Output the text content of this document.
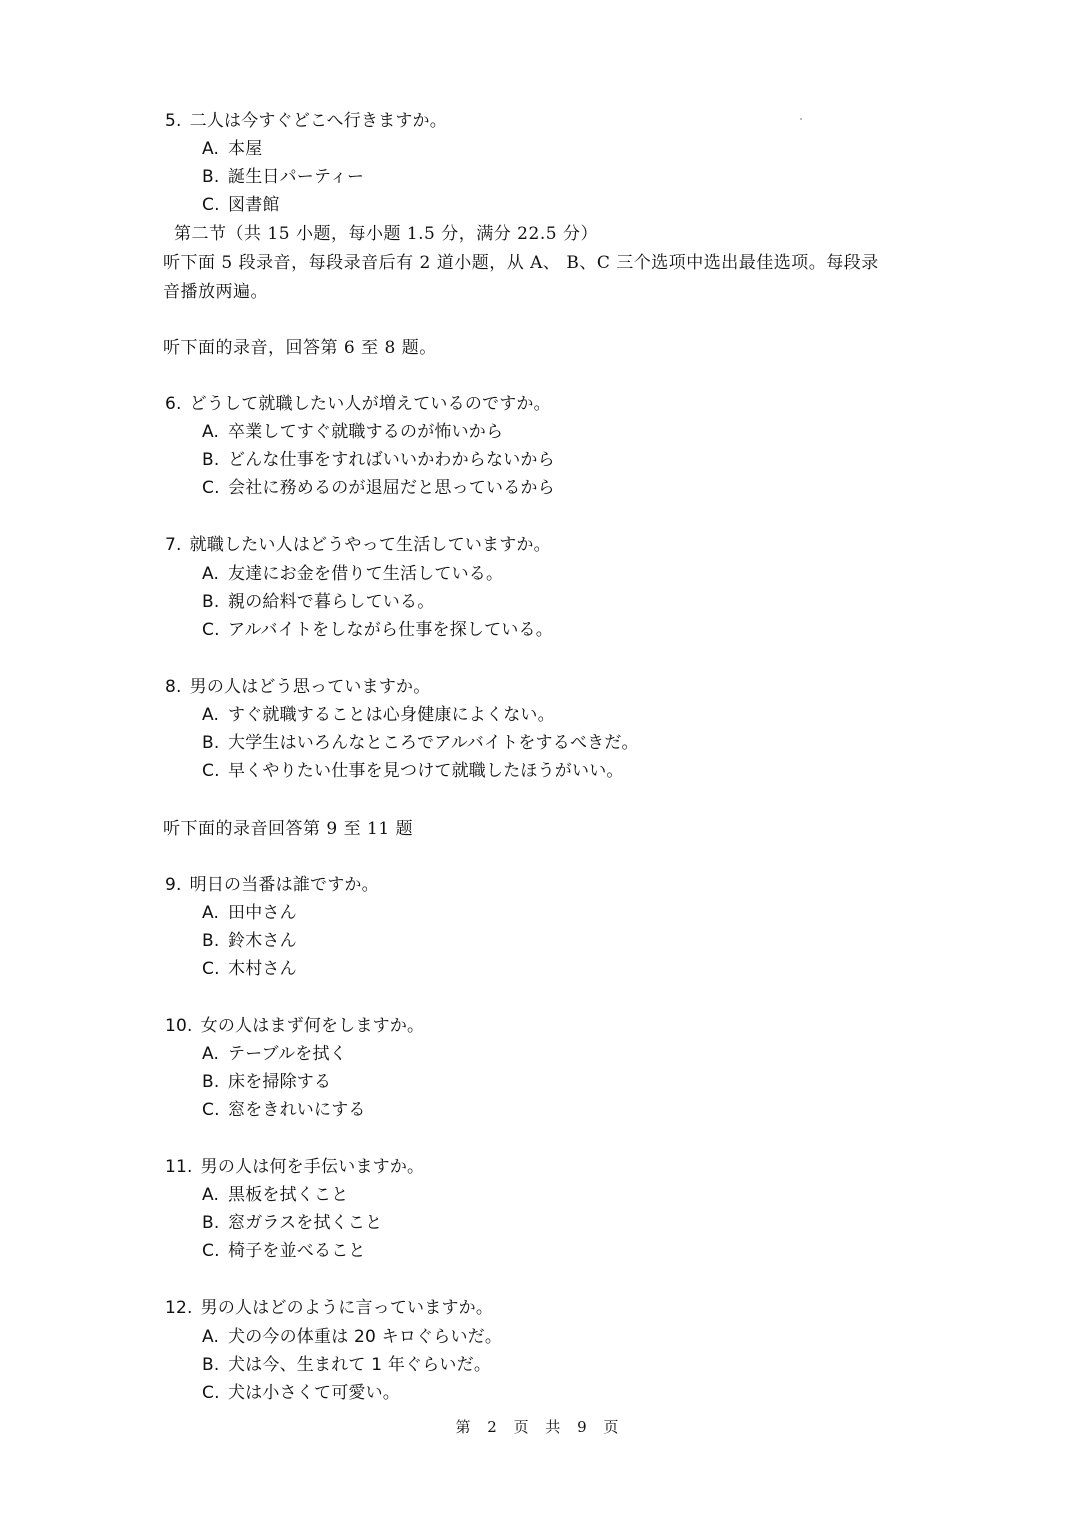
5. 二人は今すぐどこへ行きますか。
A. 本屋
B. 誕生日パーティー
C. 図書館
第二节（共 15 小题，每小题 1.5 分，满分 22.5 分）
听下面 5 段录音，每段录音后有 2 道小题，从 A、 B、C 三个选项中选出最佳选项。每段录
音播放两遍。
听下面的录音，回答第 6 至 8 题。
6. どうして就職したい人が増えているのですか。
A. 卒業してすぐ就職するのが怖いから
B. どんな仕事をすればいいかわからないから
C. 会社に務めるのが退屈だと思っているから
7. 就職したい人はどうやって生活していますか。
A. 友達にお金を借りて生活している。
B. 親の給料で暮らしている。
C. アルバイトをしながら仕事を探している。
8. 男の人はどう思っていますか。
A. すぐ就職することは心身健康によくない。
B. 大学生はいろんなところでアルバイトをするべきだ。
C. 早くやりたい仕事を見つけて就職したほうがいい。
听下面的录音回答第 9 至 11 题
9. 明日の当番は誰ですか。
A. 田中さん
B. 鈴木さん
C. 木村さん
10. 女の人はまず何をしますか。
A. テーブルを拭く
B. 床を掃除する
C. 窓をきれいにする
11. 男の人は何を手伝いますか。
A. 黒板を拭くこと
B. 窓ガラスを拭くこと
C. 椅子を並べること
12. 男の人はどのように言っていますか。
A. 犬の今の体重は 20 キロぐらいだ。
B. 犬は今、生まれて 1 年ぐらいだ。
C. 犬は小さくて可愛い。
第 2 页 共 9 页
